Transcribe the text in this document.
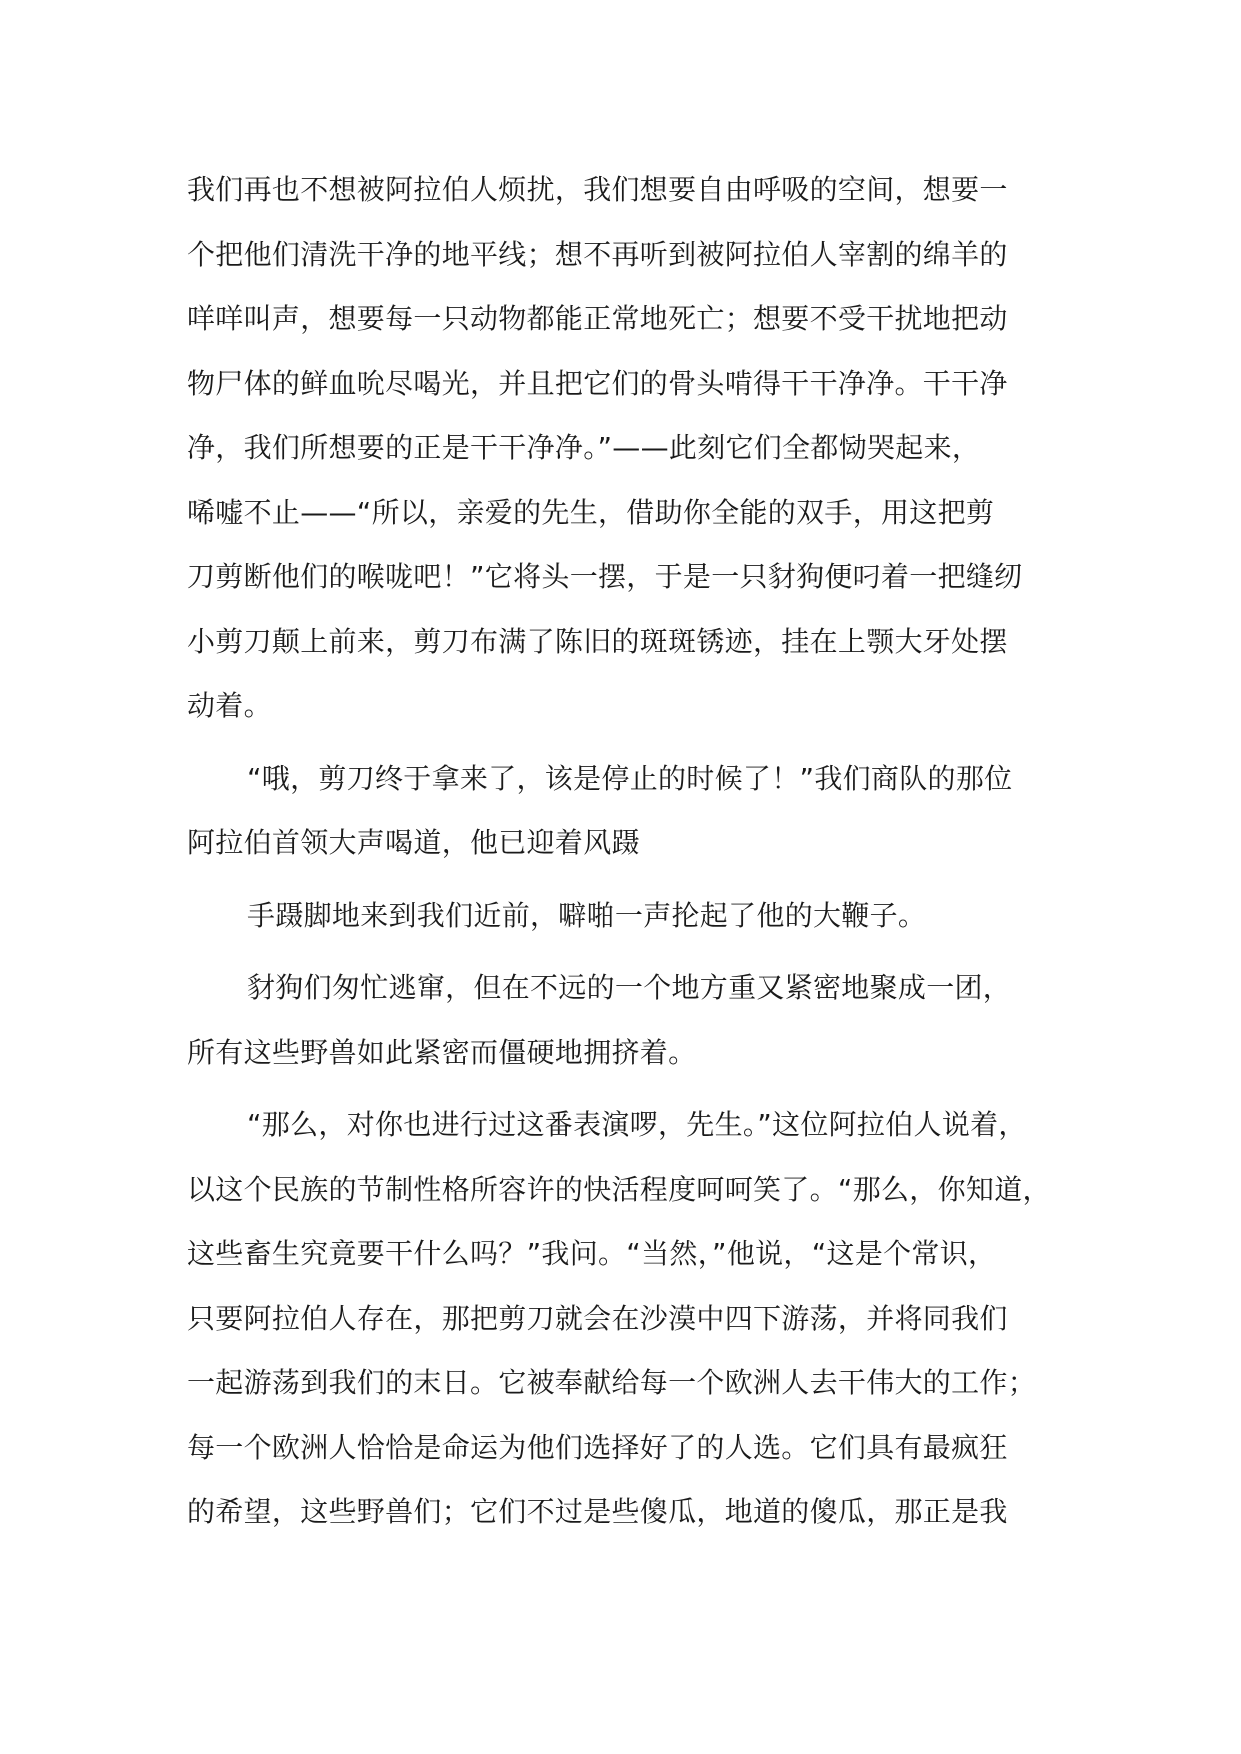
我们再也不想被阿拉伯人烦扰，我们想要自由呼吸的空间，想要一
个把他们清洗干净的地平线；想不再听到被阿拉伯人宰割的绵羊的
咩咩叫声，想要每一只动物都能正常地死亡；想要不受干扰地把动
物尸体的鲜血吮尽喝光，并且把它们的骨头啃得干干净净。干干净
净，我们所想要的正是干干净净。”——此刻它们全都恸哭起来，
唏嘘不止——“所以，亲爱的先生，借助你全能的双手，用这把剪
刀剪断他们的喉咙吧！”它将头一摆，于是一只豺狗便叼着一把缝纫
小剪刀颠上前来，剪刀布满了陈旧的斑斑锈迹，挂在上颚大牙处摆
动着。
“哦，剪刀终于拿来了，该是停止的时候了！”我们商队的那位
阿拉伯首领大声喝道，他已迎着风蹑
手蹑脚地来到我们近前，噼啪一声抡起了他的大鞭子。
豺狗们匆忙逃窜，但在不远的一个地方重又紧密地聚成一团，
所有这些野兽如此紧密而僵硬地拥挤着。
“那么，对你也进行过这番表演啰，先生。”这位阿拉伯人说着，
以这个民族的节制性格所容许的快活程度呵呵笑了。“那么，你知道，
这些畜生究竟要干什么吗？”我问。“当然，”他说，“这是个常识，
只要阿拉伯人存在，那把剪刀就会在沙漠中四下游荡，并将同我们
一起游荡到我们的末日。它被奉献给每一个欧洲人去干伟大的工作；
每一个欧洲人恰恰是命运为他们选择好了的人选。它们具有最疯狂
的希望，这些野兽们；它们不过是些傻瓜，地道的傻瓜，那正是我
